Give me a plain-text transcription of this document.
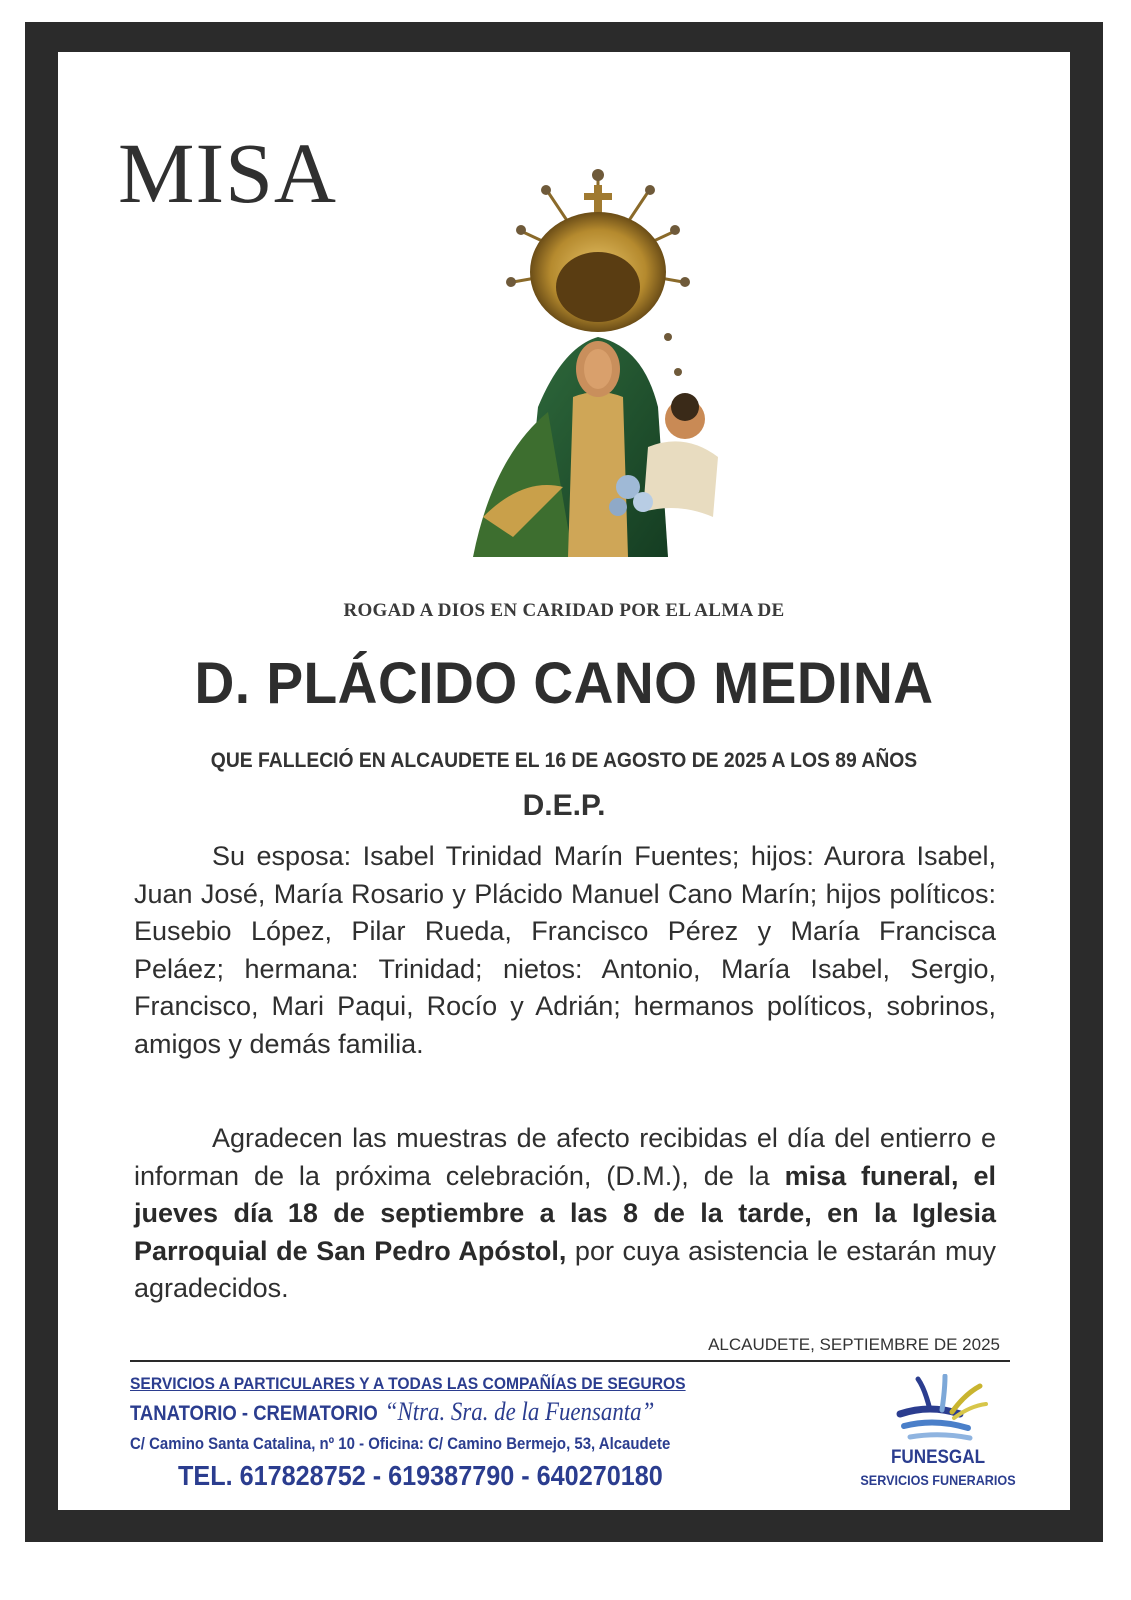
MISA
ROGAD A DIOS EN CARIDAD POR EL ALMA DE
D. PLÁCIDO CANO MEDINA
QUE FALLECIÓ EN ALCAUDETE EL 16 DE AGOSTO DE 2025 A LOS 89 AÑOS
D.E.P.
Su esposa: Isabel Trinidad Marín Fuentes; hijos: Aurora Isabel, Juan José, María Rosario y Plácido Manuel Cano Marín; hijos políticos: Eusebio López, Pilar Rueda, Francisco Pérez y María Francisca Peláez; hermana: Trinidad; nietos: Antonio, María Isabel, Sergio, Francisco, Mari Paqui, Rocío y Adrián; hermanos políticos, sobrinos, amigos y demás familia.
Agradecen las muestras de afecto recibidas el día del entierro e informan de la próxima celebración, (D.M.), de la misa funeral, el jueves día 18 de septiembre a las 8 de la tarde, en la Iglesia Parroquial de San Pedro Apóstol, por cuya asistencia le estarán muy agradecidos.
ALCAUDETE, SEPTIEMBRE DE 2025
SERVICIOS A PARTICULARES Y A TODAS LAS COMPAÑÍAS DE SEGUROS
TANATORIO - CREMATORIO “Ntra. Sra. de la Fuensanta”
C/ Camino Santa Catalina, nº 10 - Oficina: C/ Camino Bermejo, 53, Alcaudete
TEL. 617828752 - 619387790 - 640270180
FUNESGAL
SERVICIOS FUNERARIOS
